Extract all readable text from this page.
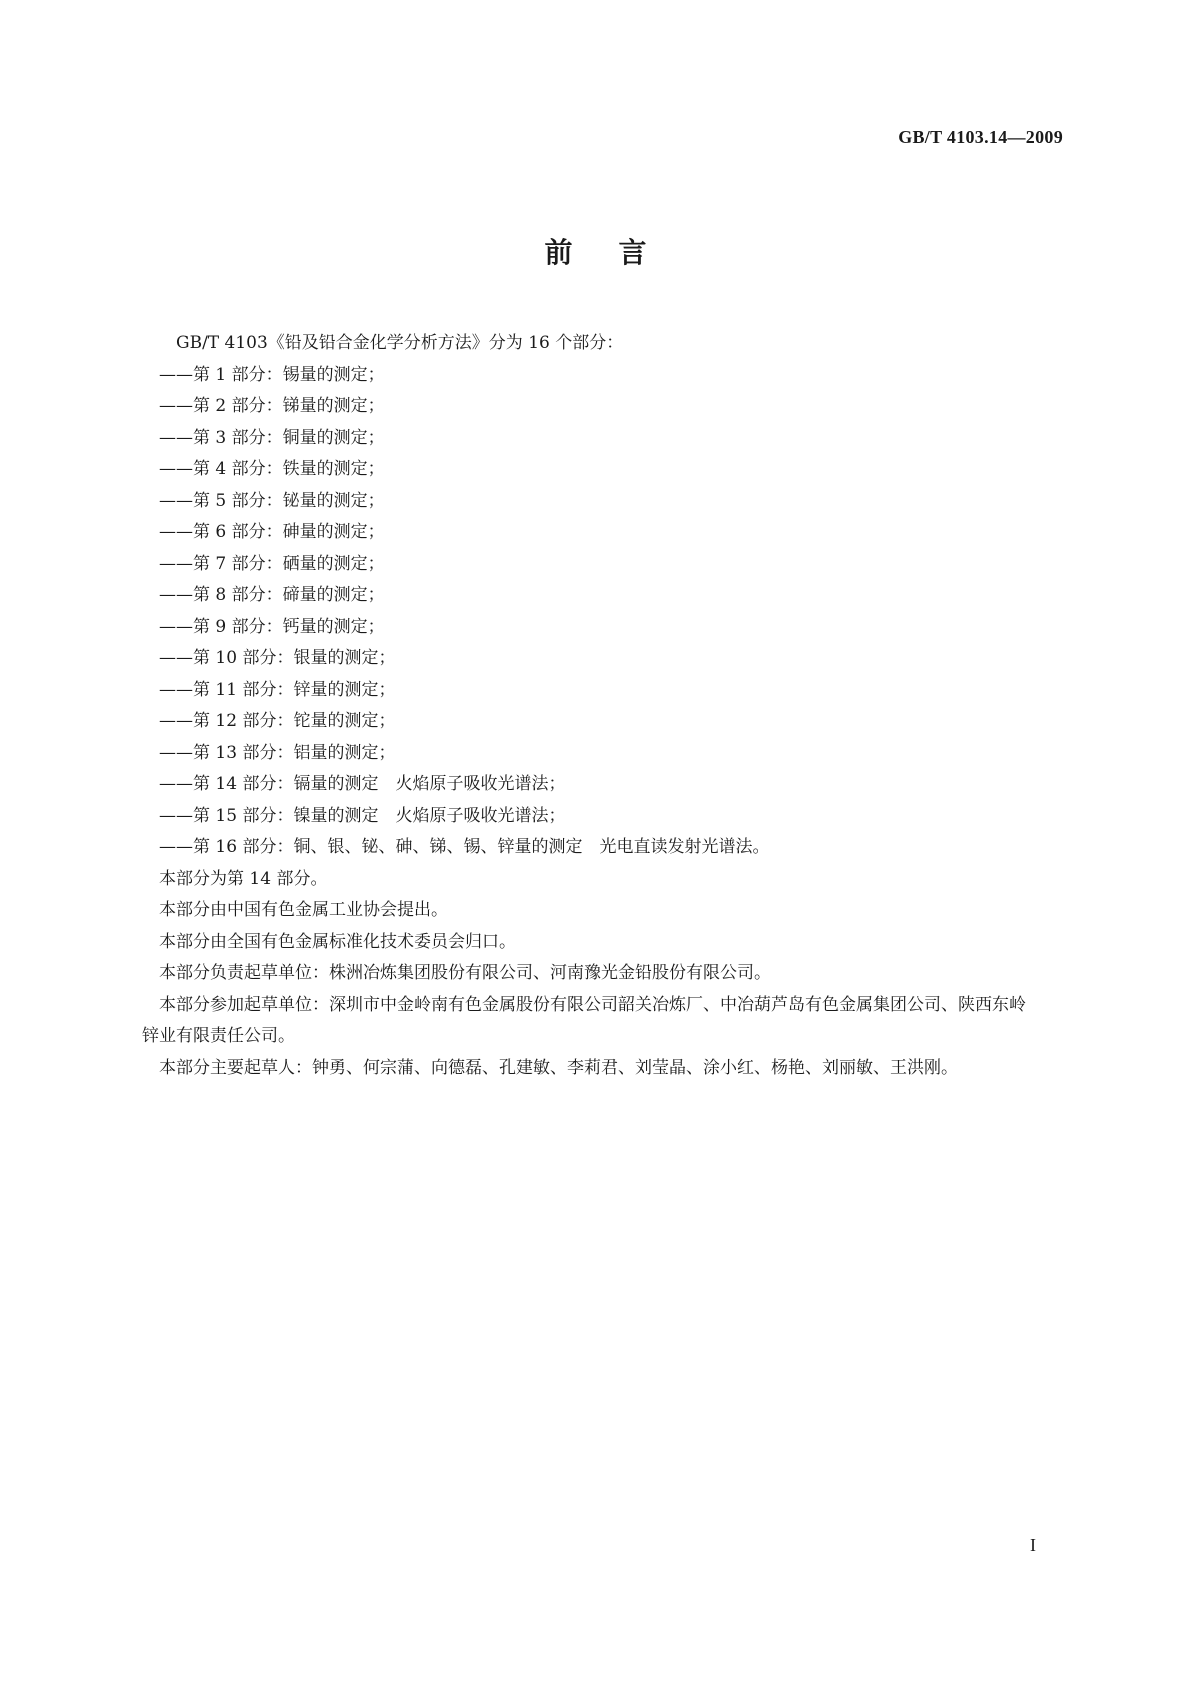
GB/T 4103.14—2009
前言
GB/T 4103《铅及铅合金化学分析方法》分为 16 个部分：
——第 1 部分：锡量的测定；
——第 2 部分：锑量的测定；
——第 3 部分：铜量的测定；
——第 4 部分：铁量的测定；
——第 5 部分：铋量的测定；
——第 6 部分：砷量的测定；
——第 7 部分：硒量的测定；
——第 8 部分：碲量的测定；
——第 9 部分：钙量的测定；
——第 10 部分：银量的测定；
——第 11 部分：锌量的测定；
——第 12 部分：铊量的测定；
——第 13 部分：铝量的测定；
——第 14 部分：镉量的测定　火焰原子吸收光谱法；
——第 15 部分：镍量的测定　火焰原子吸收光谱法；
——第 16 部分：铜、银、铋、砷、锑、锡、锌量的测定　光电直读发射光谱法。
本部分为第 14 部分。
本部分由中国有色金属工业协会提出。
本部分由全国有色金属标准化技术委员会归口。
本部分负责起草单位：株洲冶炼集团股份有限公司、河南豫光金铅股份有限公司。
本部分参加起草单位：深圳市中金岭南有色金属股份有限公司韶关冶炼厂、中冶葫芦岛有色金属集团公司、陕西东岭锌业有限责任公司。
本部分主要起草人：钟勇、何宗蒲、向德磊、孔建敏、李莉君、刘莹晶、涂小红、杨艳、刘丽敏、王洪刚。
I
